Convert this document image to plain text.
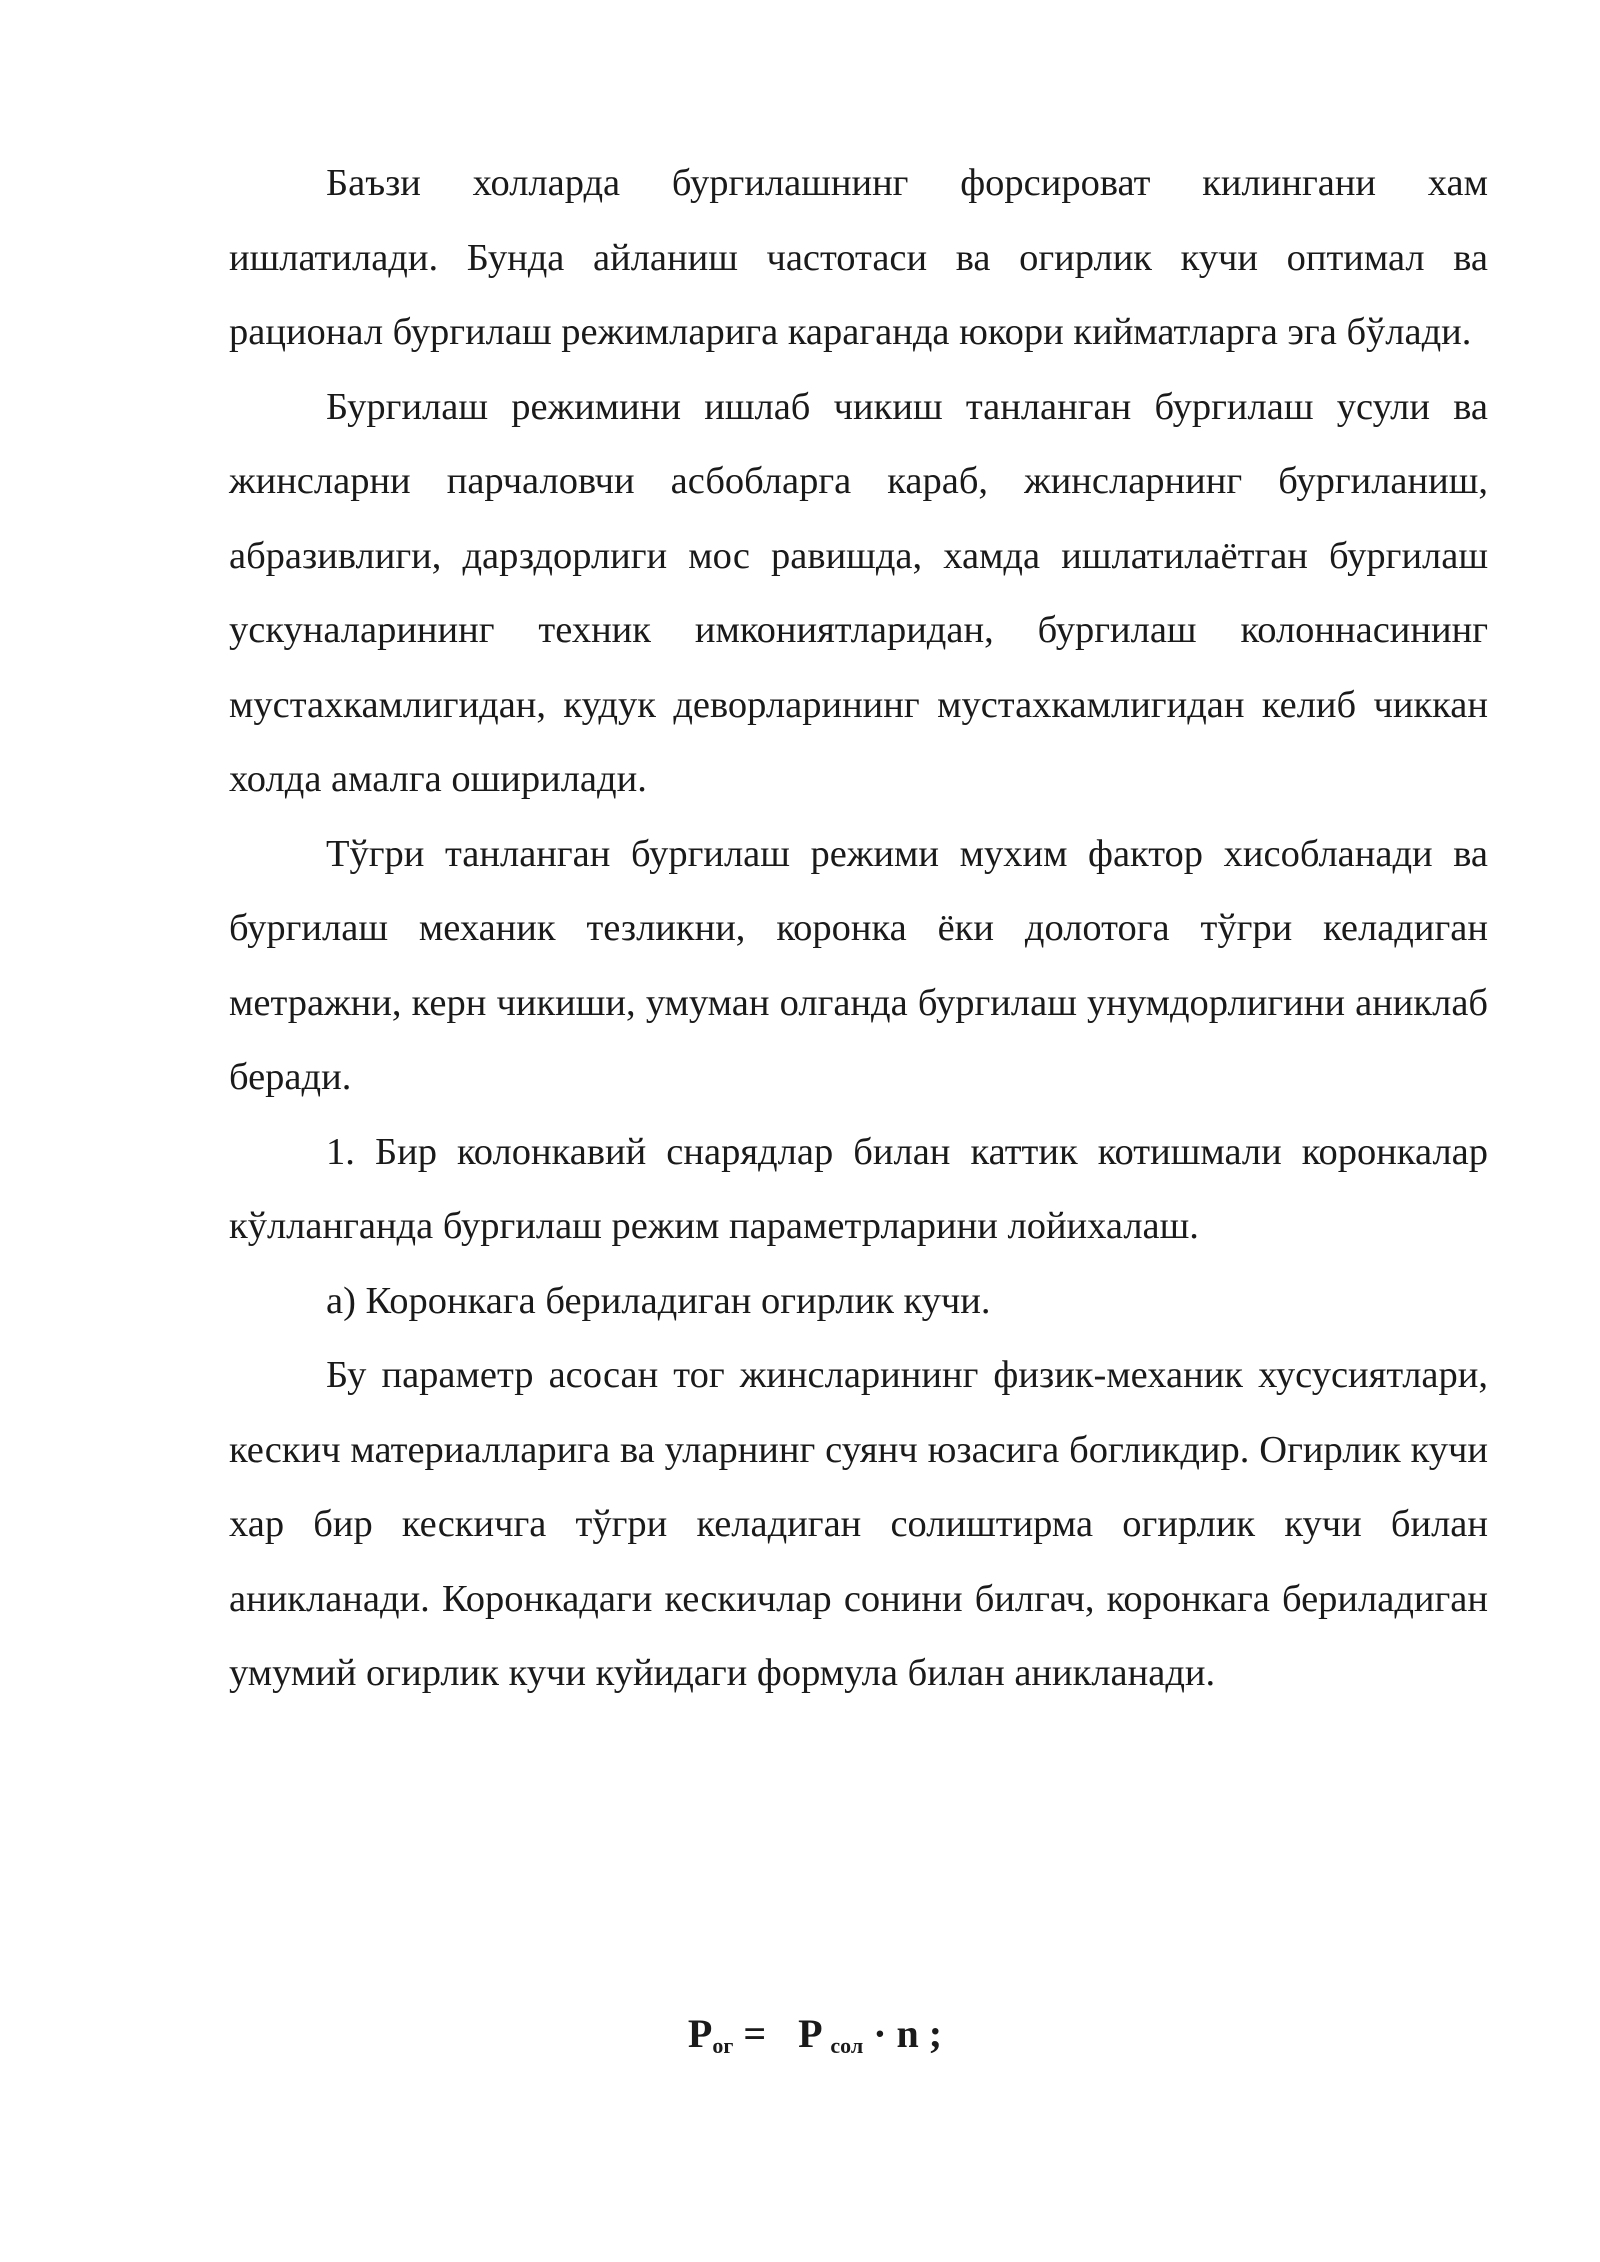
Баъзи холларда бургилашнинг форсироват килингани хам ишлатилади. Бунда айланиш частотаси ва огирлик кучи оптимал ва рационал бургилаш режимларига караганда юкори кийматларга эга бўлади.

Бургилаш режимини ишлаб чикиш танланган бургилаш усули ва жинсларни парчаловчи асбобларга караб, жинсларнинг бургиланиш, абразивлиги, дарздорлиги мос равишда, хамда ишлатилаётган бургилаш ускуналарининг техник имкониятларидан, бургилаш колоннасининг мустахкамлигидан, кудук деворларининг мустахкамлигидан келиб чиккан холда амалга оширилади.

Тўгри танланган бургилаш режими мухим фактор хисобланади ва бургилаш механик тезликни, коронка ёки долотога тўгри келадиган метражни, керн чикиши, умуман олганда бургилаш унумдорлигини аниклаб беради.

1. Бир колонкавий снарядлар билан каттик котишмали коронкалар кўлланганда бургилаш режим параметрларини лойихалаш.

а) Коронкага бериладиган огирлик кучи.

Бу параметр асосан тог жинсларининг физик-механик хусусиятлари, кескич материалларига ва уларнинг суянч юзасига богликдир. Огирлик кучи хар бир кескичга тўгри келадиган солиштирма огирлик кучи билан аникланади. Коронкадаги кескичлар сонини билгач, коронкага бериладиган умумий огирлик кучи куйидаги формула билан аникланади.

$P_{ог} = P$ $_{сол}$ · n ;
